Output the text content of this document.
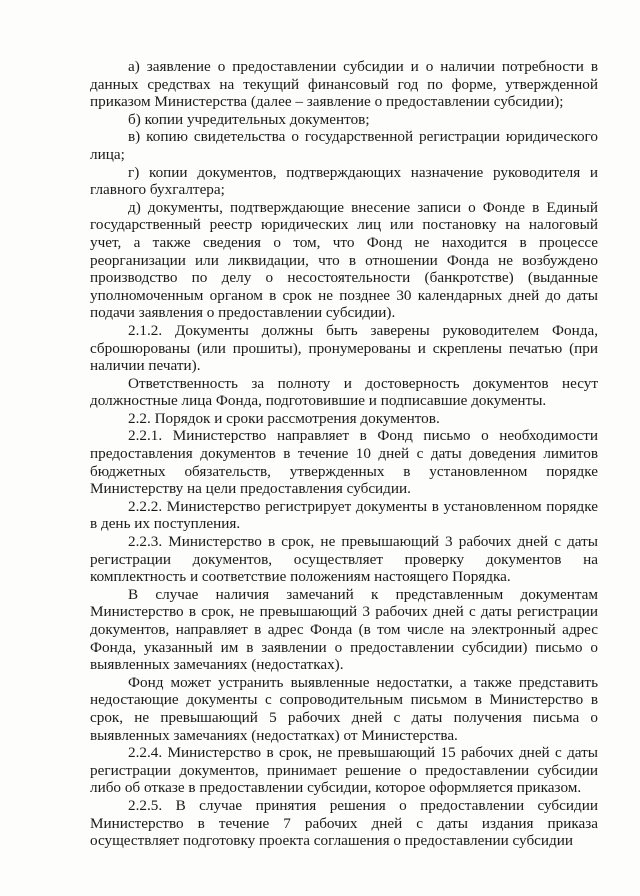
а) заявление о предоставлении субсидии и о наличии потребности в данных средствах на текущий финансовый год по форме, утвержденной приказом Министерства (далее – заявление о предоставлении субсидии);

б) копии учредительных документов;

в) копию свидетельства о государственной регистрации юридического лица;

г) копии документов, подтверждающих назначение руководителя и главного бухгалтера;

д) документы, подтверждающие внесение записи о Фонде в Единый государственный реестр юридических лиц или постановку на налоговый учет, а также сведения о том, что Фонд не находится в процессе реорганизации или ликвидации, что в отношении Фонда не возбуждено производство по делу о несостоятельности (банкротстве) (выданные уполномоченным органом в срок не позднее 30 календарных дней до даты подачи заявления о предоставлении субсидии).

2.1.2. Документы должны быть заверены руководителем Фонда, сброшюрованы (или прошиты), пронумерованы и скреплены печатью (при наличии печати).

Ответственность за полноту и достоверность документов несут должностные лица Фонда, подготовившие и подписавшие документы.

2.2. Порядок и сроки рассмотрения документов.

2.2.1. Министерство направляет в Фонд письмо о необходимости предоставления документов в течение 10 дней с даты доведения лимитов бюджетных обязательств, утвержденных в установленном порядке Министерству на цели предоставления субсидии.

2.2.2. Министерство регистрирует документы в установленном порядке в день их поступления.

2.2.3. Министерство в срок, не превышающий 3 рабочих дней с даты регистрации документов, осуществляет проверку документов на комплектность и соответствие положениям настоящего Порядка.

В случае наличия замечаний к представленным документам Министерство в срок, не превышающий 3 рабочих дней с даты регистрации документов, направляет в адрес Фонда (в том числе на электронный адрес Фонда, указанный им в заявлении о предоставлении субсидии) письмо о выявленных замечаниях (недостатках).

Фонд может устранить выявленные недостатки, а также представить недостающие документы с сопроводительным письмом в Министерство в срок, не превышающий 5 рабочих дней с даты получения письма о выявленных замечаниях (недостатках) от Министерства.

2.2.4. Министерство в срок, не превышающий 15 рабочих дней с даты регистрации документов, принимает решение о предоставлении субсидии либо об отказе в предоставлении субсидии, которое оформляется приказом.

2.2.5. В случае принятия решения о предоставлении субсидии Министерство в течение 7 рабочих дней с даты издания приказа осуществляет подготовку проекта соглашения о предоставлении субсидии
